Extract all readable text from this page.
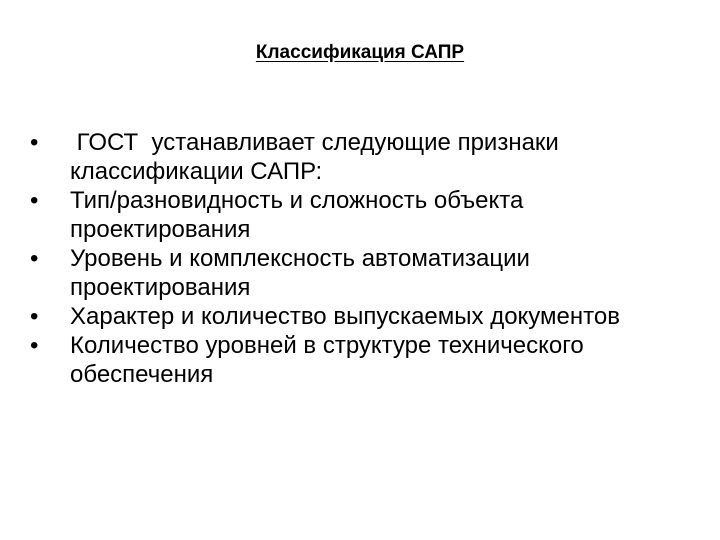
Классификация САПР
•	ГОСТ  устанавливает следующие признаки классификации САПР:
•	Тип/разновидность и сложность объекта проектирования
•	Уровень и комплексность автоматизации проектирования
•	Характер и количество выпускаемых документов
•	Количество уровней в структуре технического обеспечения
